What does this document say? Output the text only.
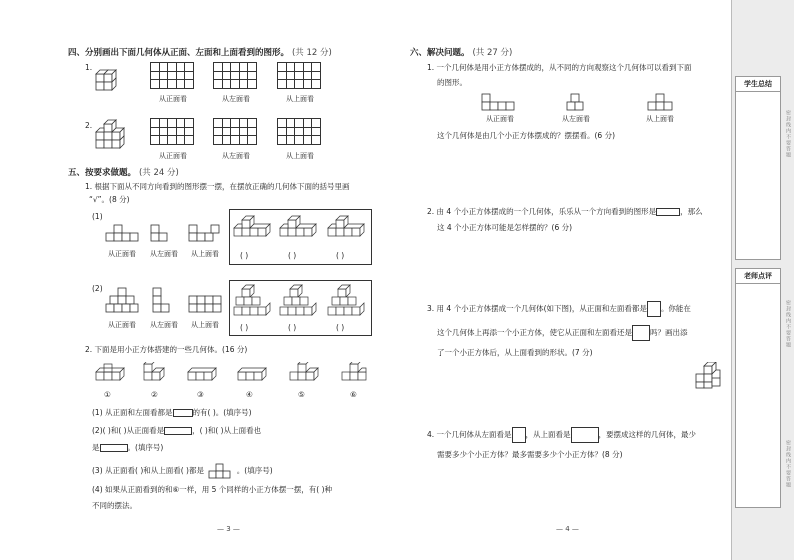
四、分别画出下面几何体从正面、左面和上面看到的图形。 (共 12 分)
1.
从正面看	从左面看	从上面看
2.
从正面看	从左面看	从上面看
五、按要求做题。 (共 24 分)
1. 根据下面从不同方向看到的图形摆一摆，在摆放正确的几何体下面的括号里画
“√”。(8 分)
(1)
从正面看	从左面看	从上面看	( )	( )	( )
(2)
从正面看	从左面看	从上面看	( )	( )	( )
2. 下面是用小正方体搭建的一些几何体。(16 分)
①	②	③	④	⑤	⑥
(1) 从正面和左面看都是	的有( )。(填序号)
(2)( )和( )从正面看是	，( )和( )从上面看也
是	。(填序号)
(3) 从正面看( )和从上面看( )都是	。(填序号)
(4) 如果从正面看到的和⑥一样，用 5 个同样的小正方体摆一摆，有( )种
不同的摆法。
— 3 —
六、解决问题。 (共 27 分)
1. 一个几何体是用小正方体摆成的，从不同的方向观察这个几何体可以看到下面
的图形。
从正面看	从左面看	从上面看
这个几何体是由几个小正方体摆成的？摆摆看。(6 分)
2. 由 4 个小正方体摆成的一个几何体，乐乐从一个方向看到的图形是	，那么
这 4 个小正方体可能是怎样摆的？(6 分)
3. 用 4 个小正方体摆成一个几何体(如下图)，从正面和左面看都是 。你能在
这个几何体上再添一个小正方体，使它从正面和左面看还是 吗？画出添
了一个小正方体后，从上面看到的形状。(7 分)
4. 一个几何体从左面看是 ，从上面看是	，要摆成这样的几何体，最少
需要多少个小正方体？最多需要多少个小正方体？(8 分)
— 4 —
学生总结
老师点评
密封线内不要答题
密封线内不要答题
密封线内不要答题
